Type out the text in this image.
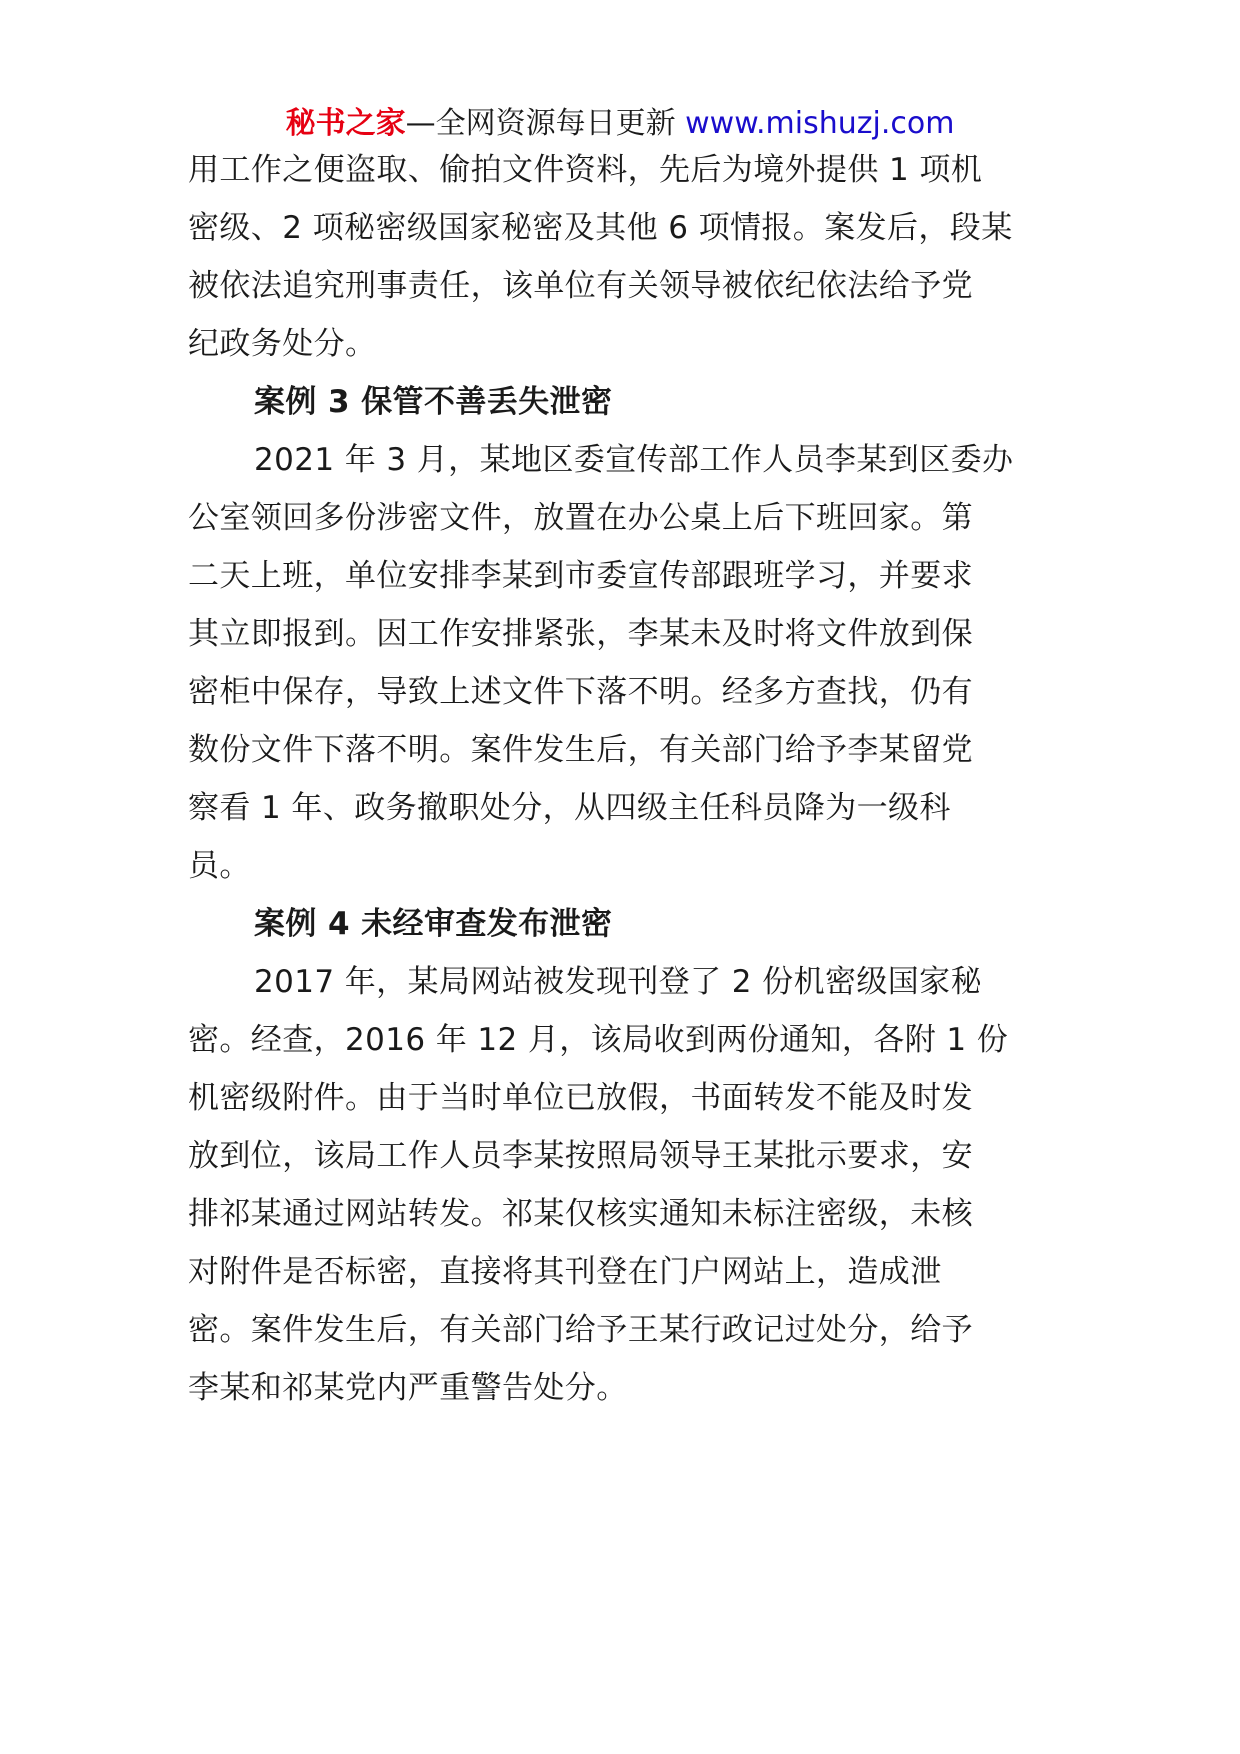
秘书之家—全网资源每日更新 www.mishuzj.com
用工作之便盗取、偷拍文件资料，先后为境外提供 1 项机
密级、2 项秘密级国家秘密及其他 6 项情报。案发后，段某
被依法追究刑事责任，该单位有关领导被依纪依法给予党
纪政务处分。
案例 3 保管不善丢失泄密
2021 年 3 月，某地区委宣传部工作人员李某到区委办
公室领回多份涉密文件，放置在办公桌上后下班回家。第
二天上班，单位安排李某到市委宣传部跟班学习，并要求
其立即报到。因工作安排紧张，李某未及时将文件放到保
密柜中保存，导致上述文件下落不明。经多方查找，仍有
数份文件下落不明。案件发生后，有关部门给予李某留党
察看 1 年、政务撤职处分，从四级主任科员降为一级科
员。
案例 4 未经审查发布泄密
2017 年，某局网站被发现刊登了 2 份机密级国家秘
密。经查，2016 年 12 月，该局收到两份通知，各附 1 份
机密级附件。由于当时单位已放假，书面转发不能及时发
放到位，该局工作人员李某按照局领导王某批示要求，安
排祁某通过网站转发。祁某仅核实通知未标注密级，未核
对附件是否标密，直接将其刊登在门户网站上，造成泄
密。案件发生后，有关部门给予王某行政记过处分，给予
李某和祁某党内严重警告处分。
